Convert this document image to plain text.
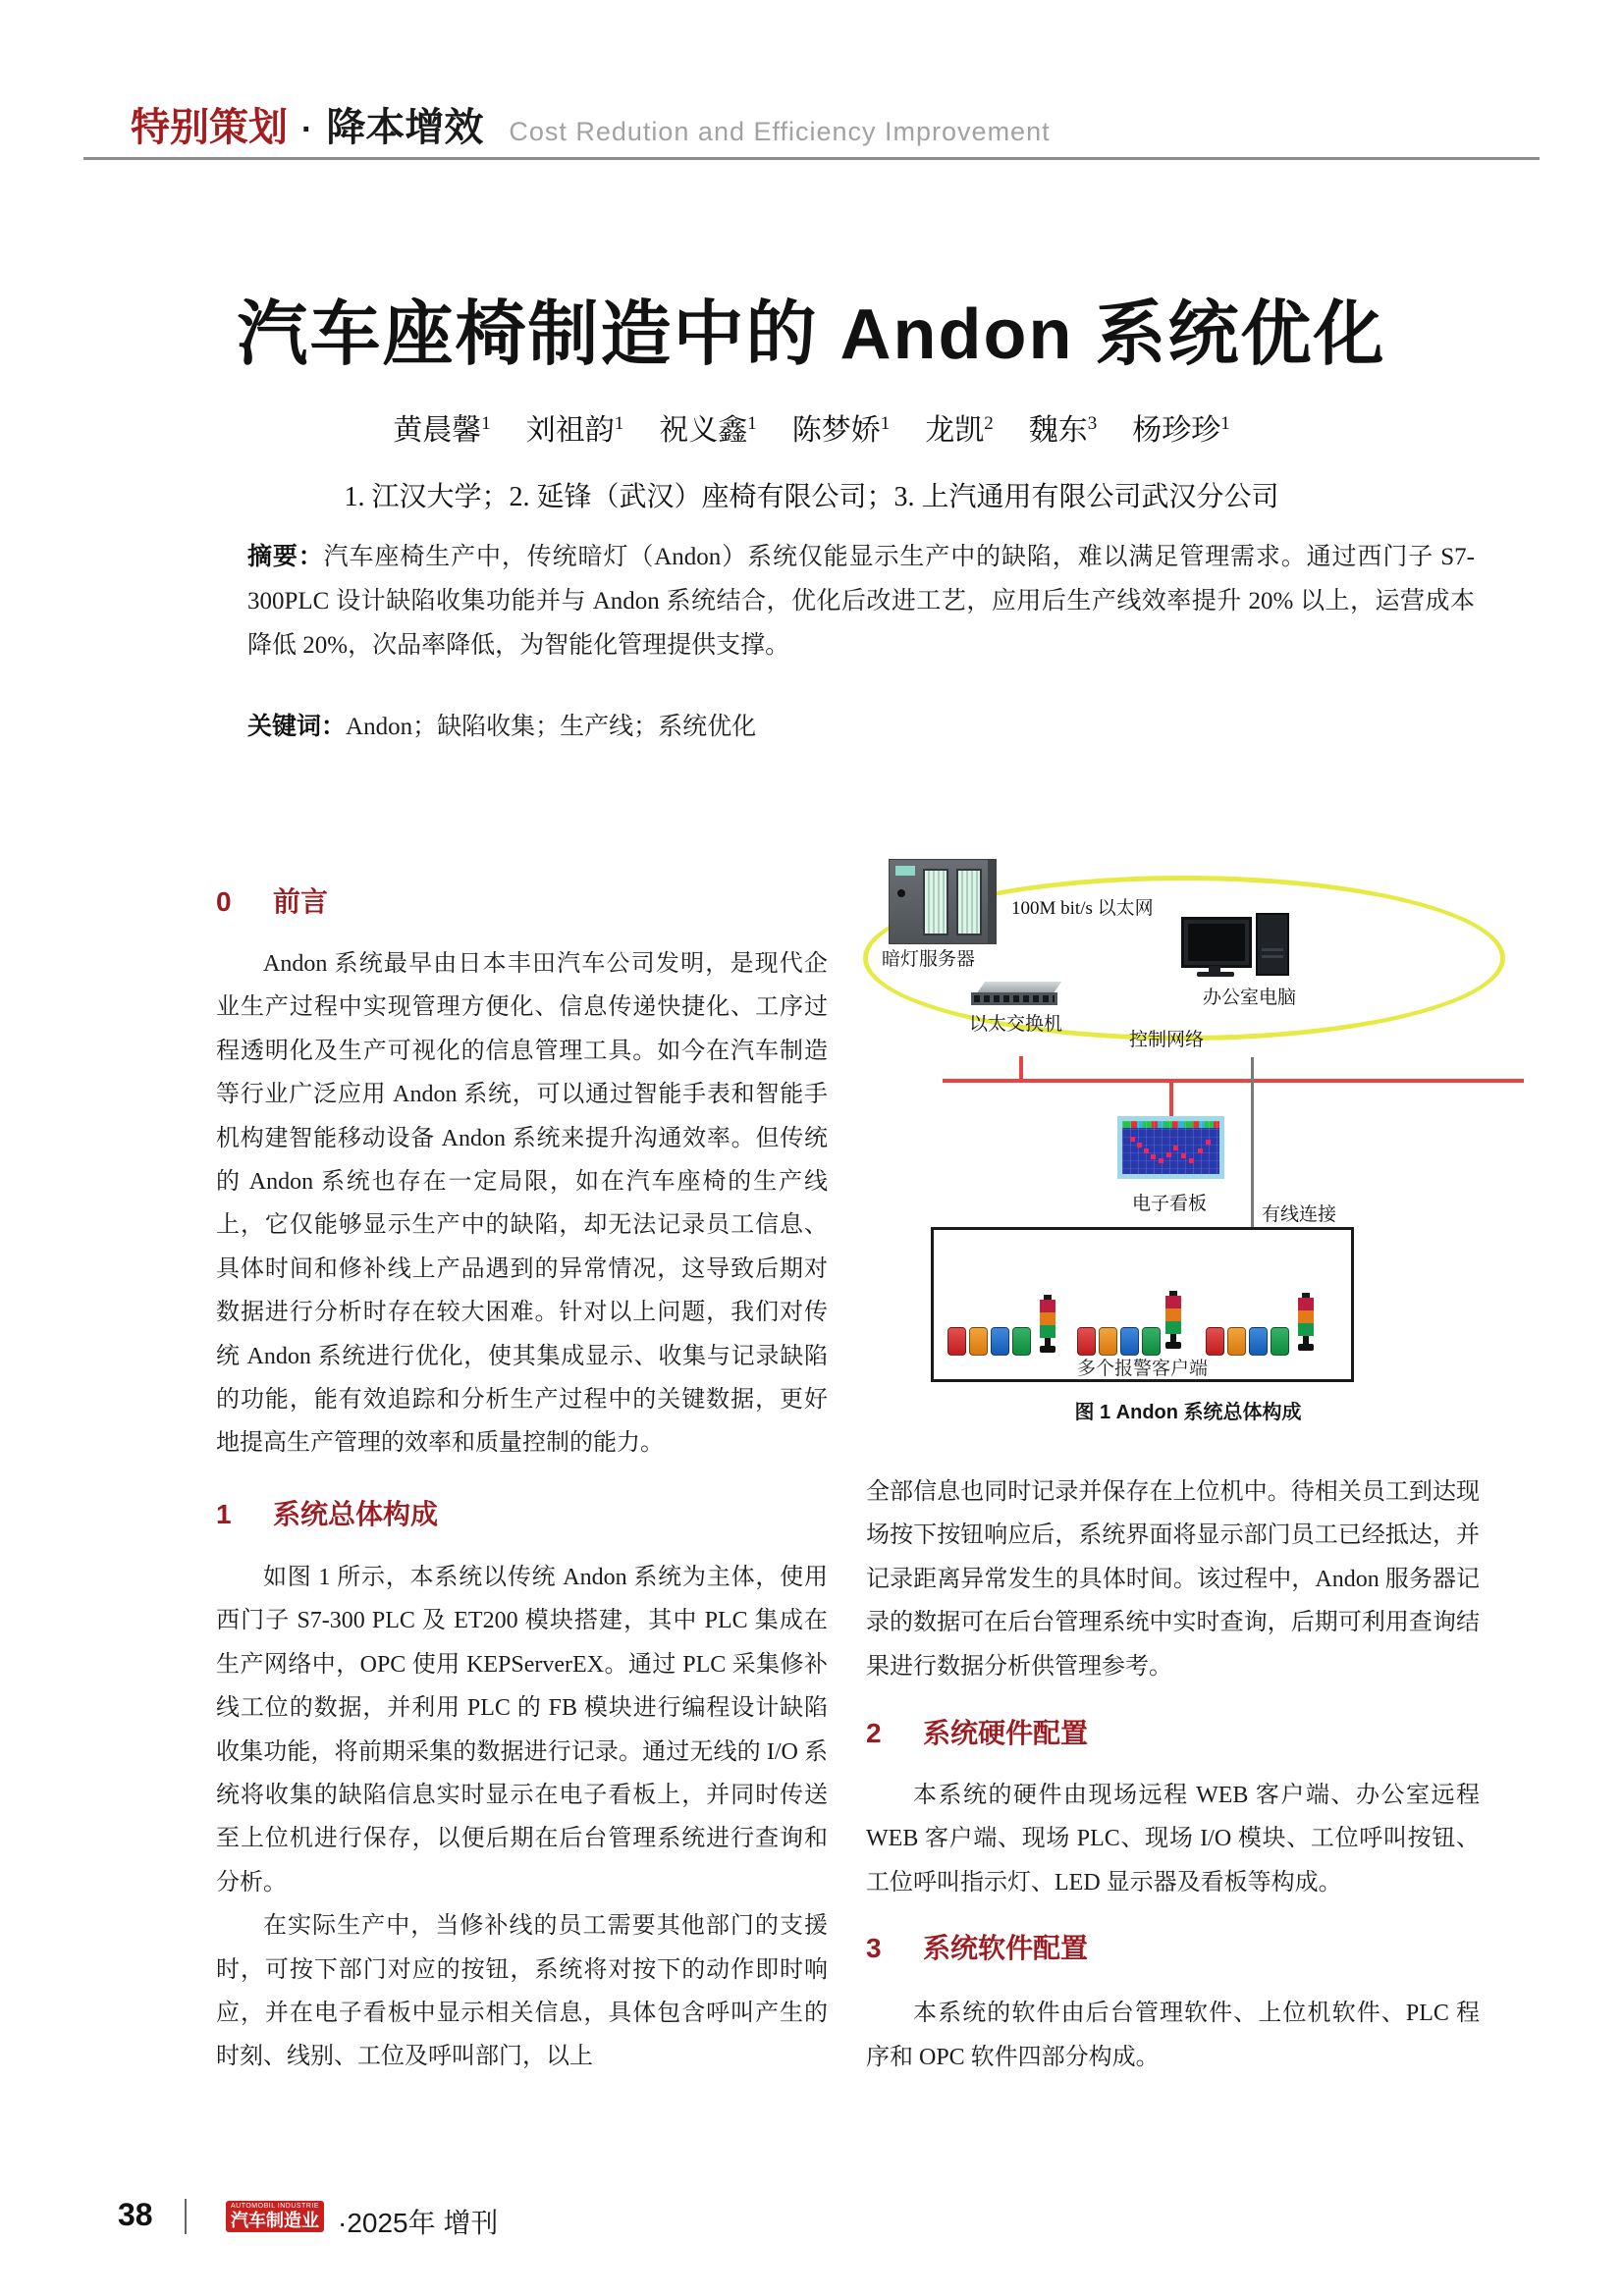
特别策划 · 降本增效 Cost Redution and Efficiency Improvement
汽车座椅制造中的 Andon 系统优化
黄晨馨$^1$ 刘祖韵$^1$ 祝义鑫$^1$ 陈梦娇$^1$ 龙凯$^2$ 魏东$^3$ 杨珍珍$^1$
1. 江汉大学；2. 延锋（武汉）座椅有限公司；3. 上汽通用有限公司武汉分公司
摘要：汽车座椅生产中，传统暗灯（Andon）系统仅能显示生产中的缺陷，难以满足管理需求。通过西门子 S7-300PLC 设计缺陷收集功能并与 Andon 系统结合，优化后改进工艺，应用后生产线效率提升 20% 以上，运营成本降低 20%，次品率降低，为智能化管理提供支撑。
关键词：Andon；缺陷收集；生产线；系统优化
0 前言

Andon 系统最早由日本丰田汽车公司发明，是现代企业生产过程中实现管理方便化、信息传递快捷化、工序过程透明化及生产可视化的信息管理工具。如今在汽车制造等行业广泛应用 Andon 系统，可以通过智能手表和智能手机构建智能移动设备 Andon 系统来提升沟通效率。但传统的 Andon 系统也存在一定局限，如在汽车座椅的生产线上，它仅能够显示生产中的缺陷，却无法记录员工信息、具体时间和修补线上产品遇到的异常情况，这导致后期对数据进行分析时存在较大困难。针对以上问题，我们对传统 Andon 系统进行优化，使其集成显示、收集与记录缺陷的功能，能有效追踪和分析生产过程中的关键数据，更好地提高生产管理的效率和质量控制的能力。

1 系统总体构成

如图 1 所示，本系统以传统 Andon 系统为主体，使用西门子 S7-300 PLC 及 ET200 模块搭建，其中 PLC 集成在生产网络中，OPC 使用 KEPServerEX。通过 PLC 采集修补线工位的数据，并利用 PLC 的 FB 模块进行编程设计缺陷收集功能，将前期采集的数据进行记录。通过无线的 I/O 系统将收集的缺陷信息实时显示在电子看板上，并同时传送至上位机进行保存，以便后期在后台管理系统进行查询和分析。

在实际生产中，当修补线的员工需要其他部门的支援时，可按下部门对应的按钮，系统将对按下的动作即时响应，并在电子看板中显示相关信息，具体包含呼叫产生的时刻、线别、工位及呼叫部门，以上

暗灯服务器
100M bit/s 以太网
办公室电脑
以太交换机
控制网络
电子看板
有线连接
多个报警客户端
图 1 Andon 系统总体构成

全部信息也同时记录并保存在上位机中。待相关员工到达现场按下按钮响应后，系统界面将显示部门员工已经抵达，并记录距离异常发生的具体时间。该过程中，Andon 服务器记录的数据可在后台管理系统中实时查询，后期可利用查询结果进行数据分析供管理参考。

2 系统硬件配置

本系统的硬件由现场远程 WEB 客户端、办公室远程 WEB 客户端、现场 PLC、现场 I/O 模块、工位呼叫按钮、工位呼叫指示灯、LED 显示器及看板等构成。

3 系统软件配置

本系统的软件由后台管理软件、上位机软件、PLC 程序和 OPC 软件四部分构成。

38	AUTOMOBIL INDUSTRIE
汽车制造业 ·2025年 增刊
